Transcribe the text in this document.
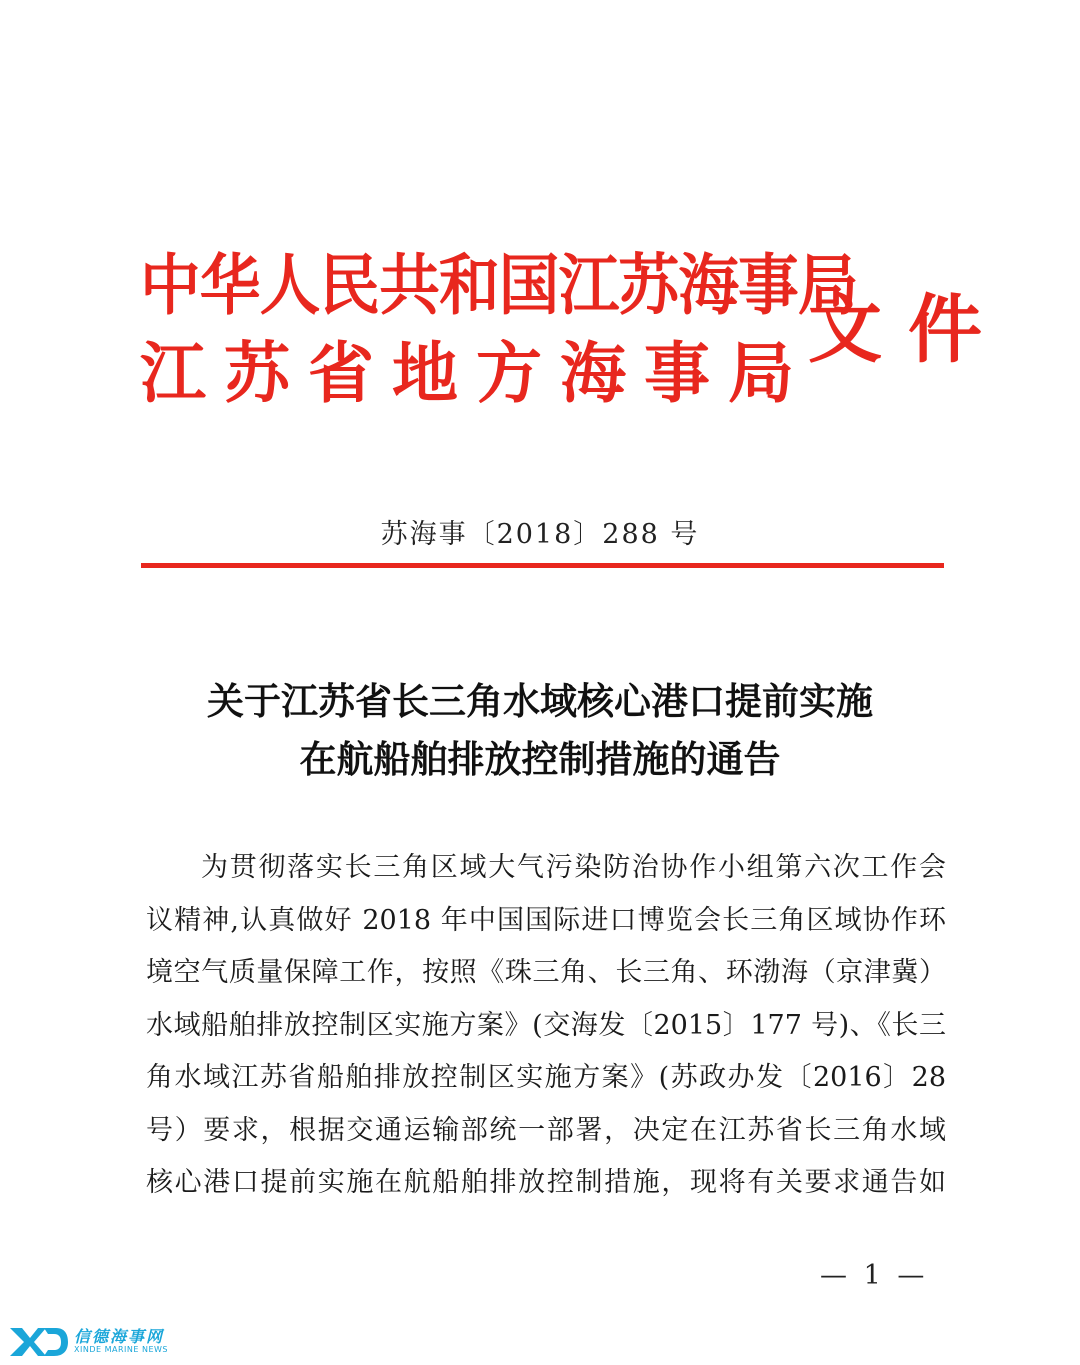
中华人民共和国江苏海事局
江苏省地方海事局
文件
苏海事〔2018〕288 号
关于江苏省长三角水域核心港口提前实施
在航船舶排放控制措施的通告
为贯彻落实长三角区域大气污染防治协作小组第六次工作会
议精神,认真做好 2018 年中国国际进口博览会长三角区域协作环
境空气质量保障工作，按照《珠三角、长三角、环渤海（京津冀）
水域船舶排放控制区实施方案》(交海发〔2015〕177 号)、《长三
角水域江苏省船舶排放控制区实施方案》(苏政办发〔2016〕28
号）要求，根据交通运输部统一部署，决定在江苏省长三角水域
核心港口提前实施在航船舶排放控制措施，现将有关要求通告如
— 1 —
信德海事网
XINDE MARINE NEWS
